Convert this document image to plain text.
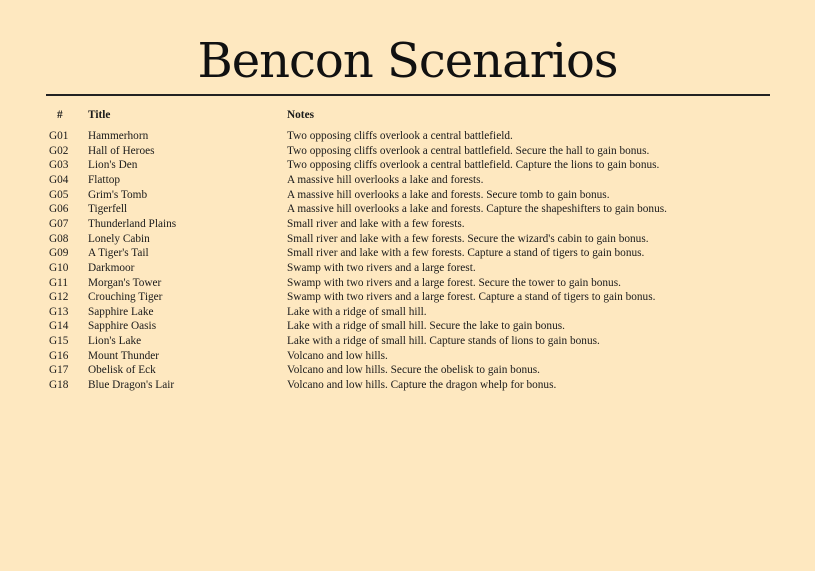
Bencon Scenarios
# Title	Notes
G01 Hammerhorn	Two opposing cliffs overlook a central battlefield.
G02 Hall of Heroes	Two opposing cliffs overlook a central battlefield. Secure the hall to gain bonus.
G03 Lion's Den	Two opposing cliffs overlook a central battlefield. Capture the lions to gain bonus.
G04 Flattop	A massive hill overlooks a lake and forests.
G05 Grim's Tomb	A massive hill overlooks a lake and forests. Secure tomb to gain bonus.
G06 Tigerfell	A massive hill overlooks a lake and forests. Capture the shapeshifters to gain bonus.
G07 Thunderland Plains	Small river and lake with a few forests.
G08 Lonely Cabin	Small river and lake with a few forests. Secure the wizard's cabin to gain bonus.
G09 A Tiger's Tail	Small river and lake with a few forests. Capture a stand of tigers to gain bonus.
G10 Darkmoor	Swamp with two rivers and a large forest.
G11 Morgan's Tower	Swamp with two rivers and a large forest. Secure the tower to gain bonus.
G12 Crouching Tiger	Swamp with two rivers and a large forest. Capture a stand of tigers to gain bonus.
G13 Sapphire Lake	Lake with a ridge of small hill.
G14 Sapphire Oasis	Lake with a ridge of small hill. Secure the lake to gain bonus.
G15 Lion's Lake	Lake with a ridge of small hill. Capture stands of lions to gain bonus.
G16 Mount Thunder	Volcano and low hills.
G17 Obelisk of Eck	Volcano and low hills. Secure the obelisk to gain bonus.
G18 Blue Dragon's Lair	Volcano and low hills. Capture the dragon whelp for bonus.
